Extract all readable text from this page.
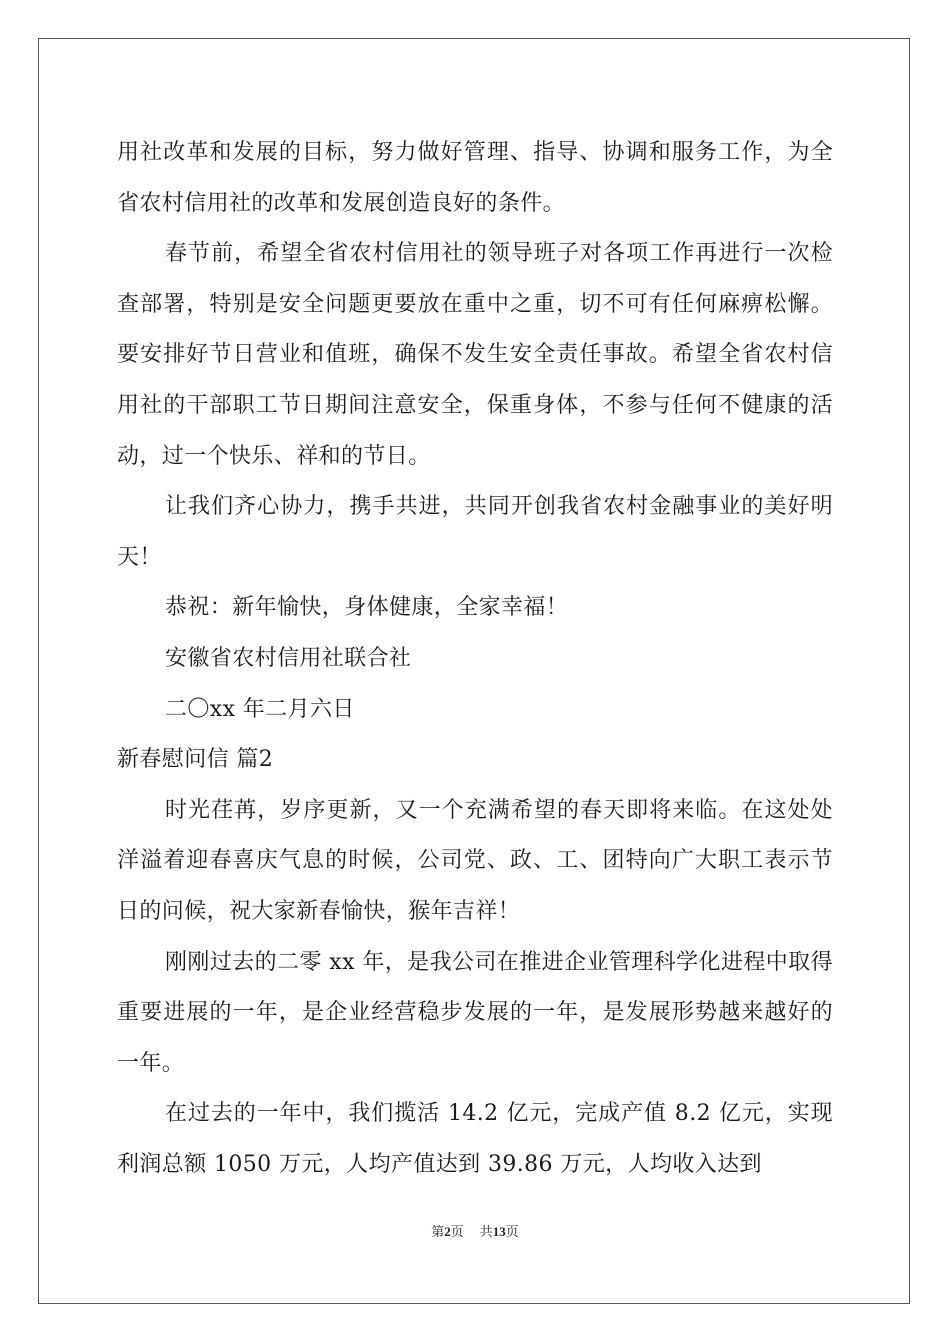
用社改革和发展的目标，努力做好管理、指导、协调和服务工作，为全省农村信用社的改革和发展创造良好的条件。

春节前，希望全省农村信用社的领导班子对各项工作再进行一次检查部署，特别是安全问题更要放在重中之重，切不可有任何麻痹松懈。要安排好节日营业和值班，确保不发生安全责任事故。希望全省农村信用社的干部职工节日期间注意安全，保重身体，不参与任何不健康的活动，过一个快乐、祥和的节日。

让我们齐心协力，携手共进，共同开创我省农村金融事业的美好明天！

恭祝：新年愉快，身体健康，全家幸福！

安徽省农村信用社联合社

二〇xx 年二月六日

新春慰问信 篇2

时光荏苒，岁序更新，又一个充满希望的春天即将来临。在这处处洋溢着迎春喜庆气息的时候，公司党、政、工、团特向广大职工表示节日的问候，祝大家新春愉快，猴年吉祥！

刚刚过去的二零 xx 年，是我公司在推进企业管理科学化进程中取得重要进展的一年，是企业经营稳步发展的一年，是发展形势越来越好的一年。

在过去的一年中，我们揽活 14.2 亿元，完成产值 8.2 亿元，实现利润总额 1050 万元，人均产值达到 39.86 万元，人均收入达到

第2页 共13页
